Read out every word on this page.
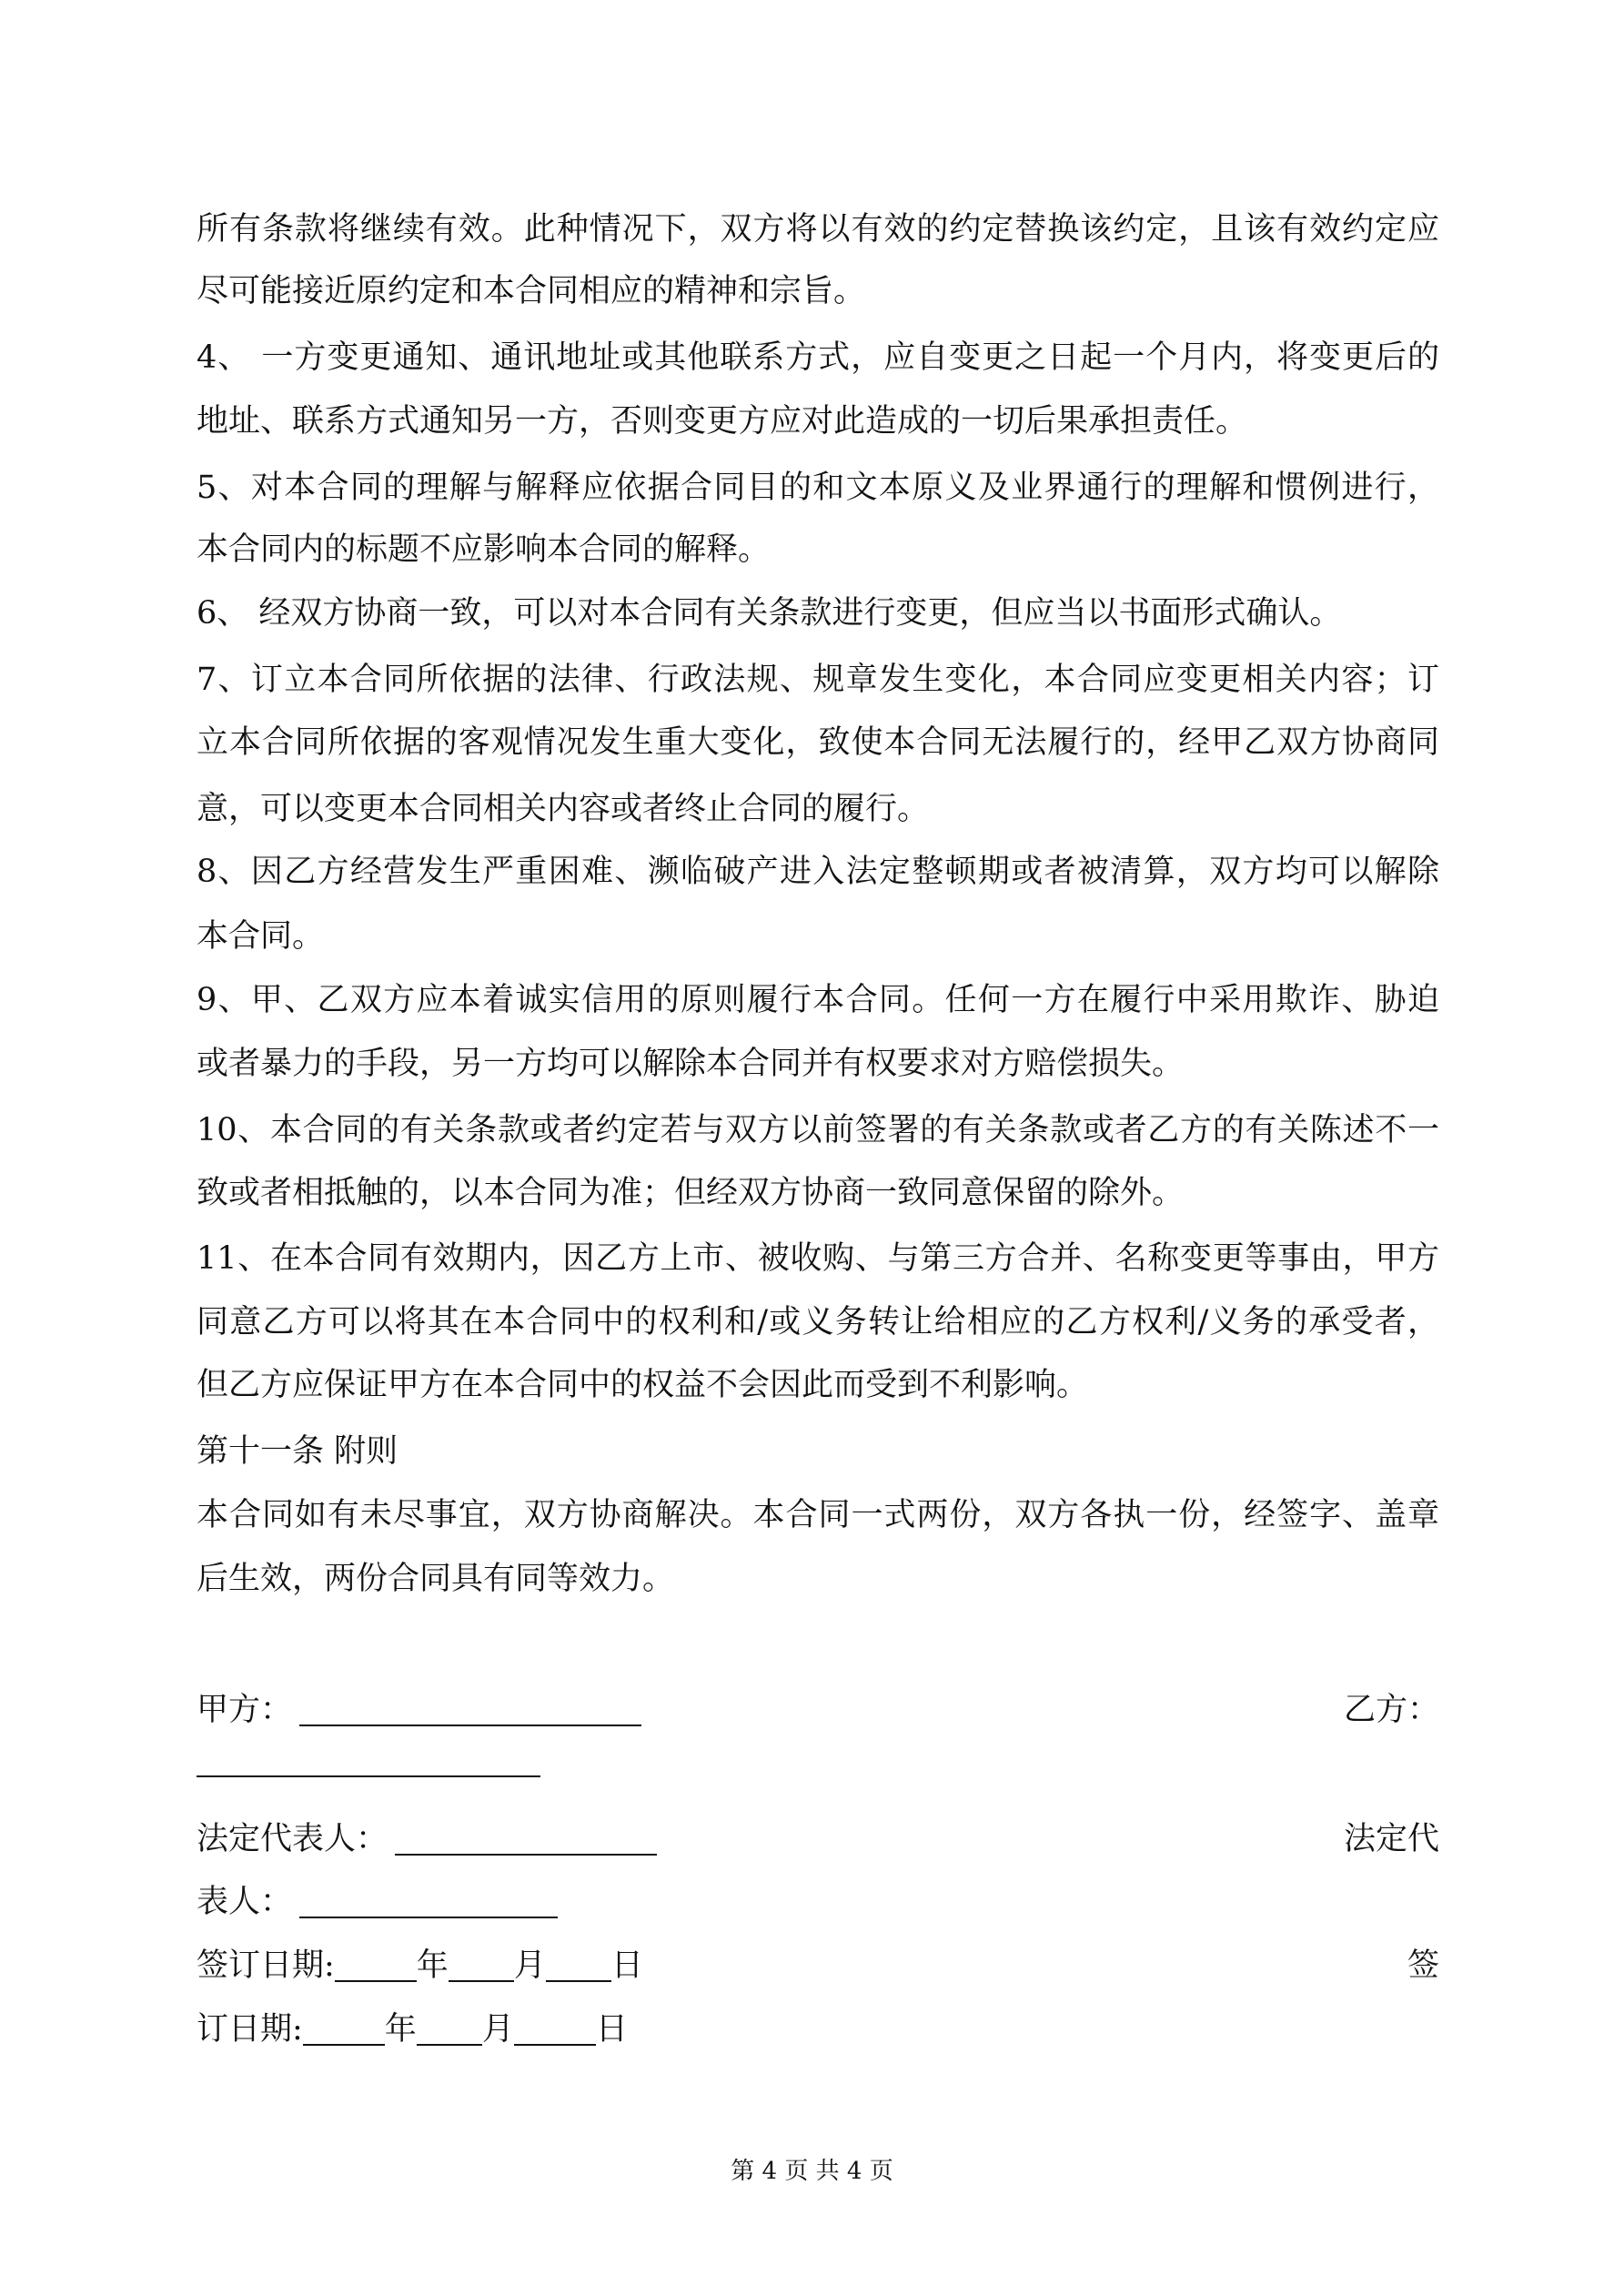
所有条款将继续有效。此种情况下，双方将以有效的约定替换该约定，且该有效约定应
尽可能接近原约定和本合同相应的精神和宗旨。
4、 一方变更通知、通讯地址或其他联系方式，应自变更之日起一个月内，将变更后的
地址、联系方式通知另一方，否则变更方应对此造成的一切后果承担责任。
5、对本合同的理解与解释应依据合同目的和文本原义及业界通行的理解和惯例进行，
本合同内的标题不应影响本合同的解释。
6、 经双方协商一致，可以对本合同有关条款进行变更，但应当以书面形式确认。
7、订立本合同所依据的法律、行政法规、规章发生变化，本合同应变更相关内容；订
立本合同所依据的客观情况发生重大变化，致使本合同无法履行的，经甲乙双方协商同
意，可以变更本合同相关内容或者终止合同的履行。
8、因乙方经营发生严重困难、濒临破产进入法定整顿期或者被清算，双方均可以解除
本合同。
9、甲、乙双方应本着诚实信用的原则履行本合同。任何一方在履行中采用欺诈、胁迫
或者暴力的手段，另一方均可以解除本合同并有权要求对方赔偿损失。
10、本合同的有关条款或者约定若与双方以前签署的有关条款或者乙方的有关陈述不一
致或者相抵触的，以本合同为准；但经双方协商一致同意保留的除外。
11、在本合同有效期内，因乙方上市、被收购、与第三方合并、名称变更等事由，甲方
同意乙方可以将其在本合同中的权利和/或义务转让给相应的乙方权利/义务的承受者，
但乙方应保证甲方在本合同中的权益不会因此而受到不利影响。
第十一条 附则
本合同如有未尽事宜，双方协商解决。本合同一式两份，双方各执一份，经签字、盖章
后生效，两份合同具有同等效力。
甲方：	乙方：
法定代表人：	法定代
表人：
签订日期:	年 月 日	签
订日期:	年 月	日
第 4 页 共 4 页
